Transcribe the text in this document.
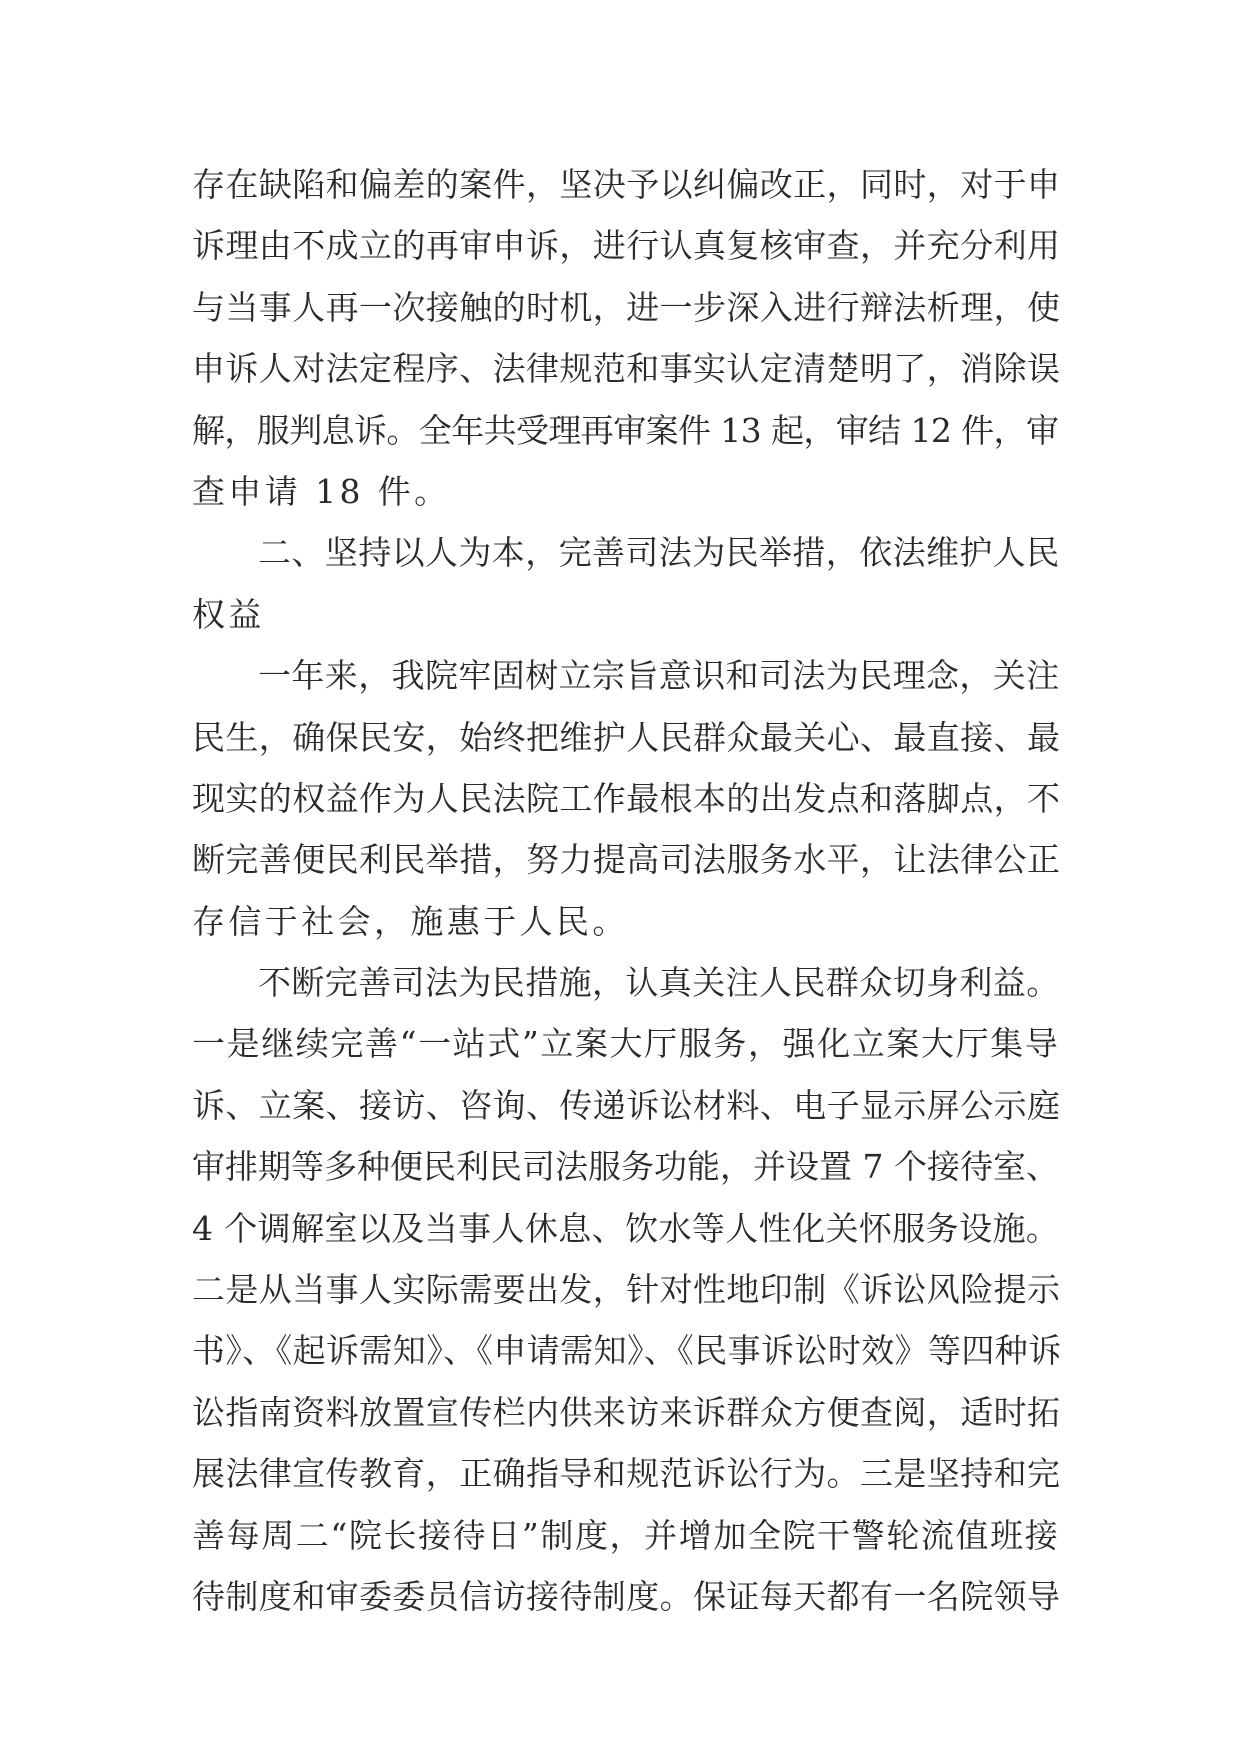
存在缺陷和偏差的案件，坚决予以纠偏改正，同时，对于申
诉理由不成立的再审申诉，进行认真复核审查，并充分利用
与当事人再一次接触的时机，进一步深入进行辩法析理，使
申诉人对法定程序、法律规范和事实认定清楚明了，消除误
解，服判息诉。全年共受理再审案件 13 起，审结 12 件，审
查申请 18 件。
二、坚持以人为本，完善司法为民举措，依法维护人民
权益
一年来，我院牢固树立宗旨意识和司法为民理念，关注
民生，确保民安，始终把维护人民群众最关心、最直接、最
现实的权益作为人民法院工作最根本的出发点和落脚点，不
断完善便民利民举措，努力提高司法服务水平，让法律公正
存信于社会，施惠于人民。
不断完善司法为民措施，认真关注人民群众切身利益。
一是继续完善“一站式”立案大厅服务，强化立案大厅集导
诉、立案、接访、咨询、传递诉讼材料、电子显示屏公示庭
审排期等多种便民利民司法服务功能，并设置 7 个接待室、
4 个调解室以及当事人休息、饮水等人性化关怀服务设施。
二是从当事人实际需要出发，针对性地印制《诉讼风险提示
书》、《起诉需知》、《申请需知》、《民事诉讼时效》等四种诉
讼指南资料放置宣传栏内供来访来诉群众方便查阅，适时拓
展法律宣传教育，正确指导和规范诉讼行为。三是坚持和完
善每周二“院长接待日”制度，并增加全院干警轮流值班接
待制度和审委委员信访接待制度。保证每天都有一名院领导
